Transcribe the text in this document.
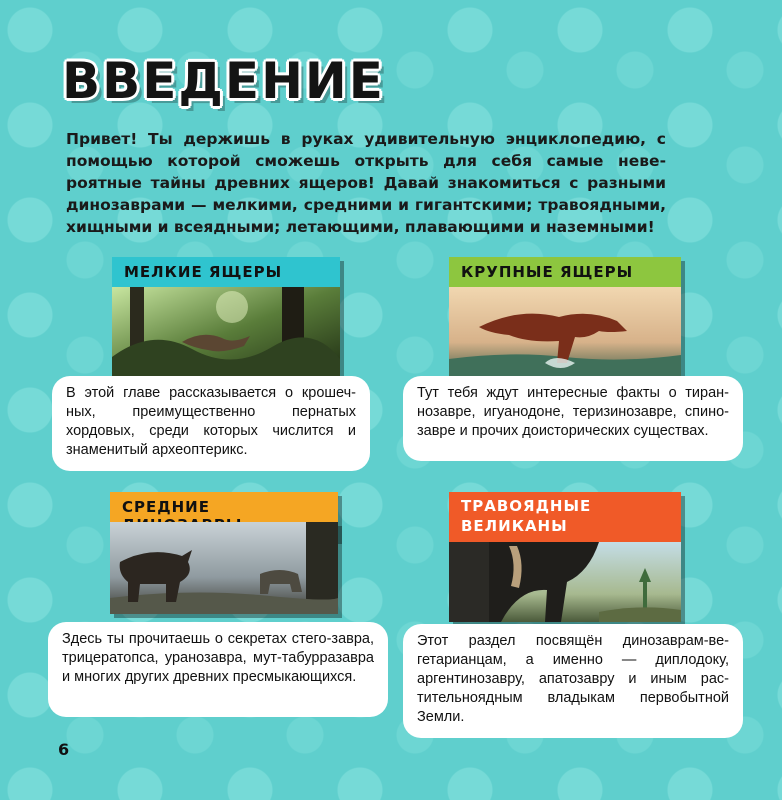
ВВЕДЕНИЕ

Привет! Ты держишь в руках удивительную энциклопедию, с помощью которой сможешь открыть для себя самые неве-роятные тайны древних ящеров! Давай знакомиться с разными динозаврами — мелкими, средними и гигантскими; травоядными, хищными и всеядными; летающими, плавающими и наземными!

МЕЛКИЕ ЯЩЕРЫ
В этой главе рассказывается о крошеч-ных, преимущественно пернатых хордовых, среди которых числится и знаменитый археоптерикс.
КРУПНЫЕ ЯЩЕРЫ
Тут тебя ждут интересные факты о тиран-нозавре, игуанодоне, теризинозавре, спино-завре и прочих доисторических существах.
СРЕДНИЕ
Здесь ты прочитаешь о секретах стего-завра, трицератопса, уранозавра, мут-табурразавра и многих других древних пресмыкающихся.
ТРАВОЯДНЫЕ ВЕЛИКАНЫ
Этот раздел посвящён динозаврам-ве-гетарианцам, а именно — диплодоку, аргентинозавру, апатозавру и иным рас-тительноядным владыкам первобытной Земли.
6
